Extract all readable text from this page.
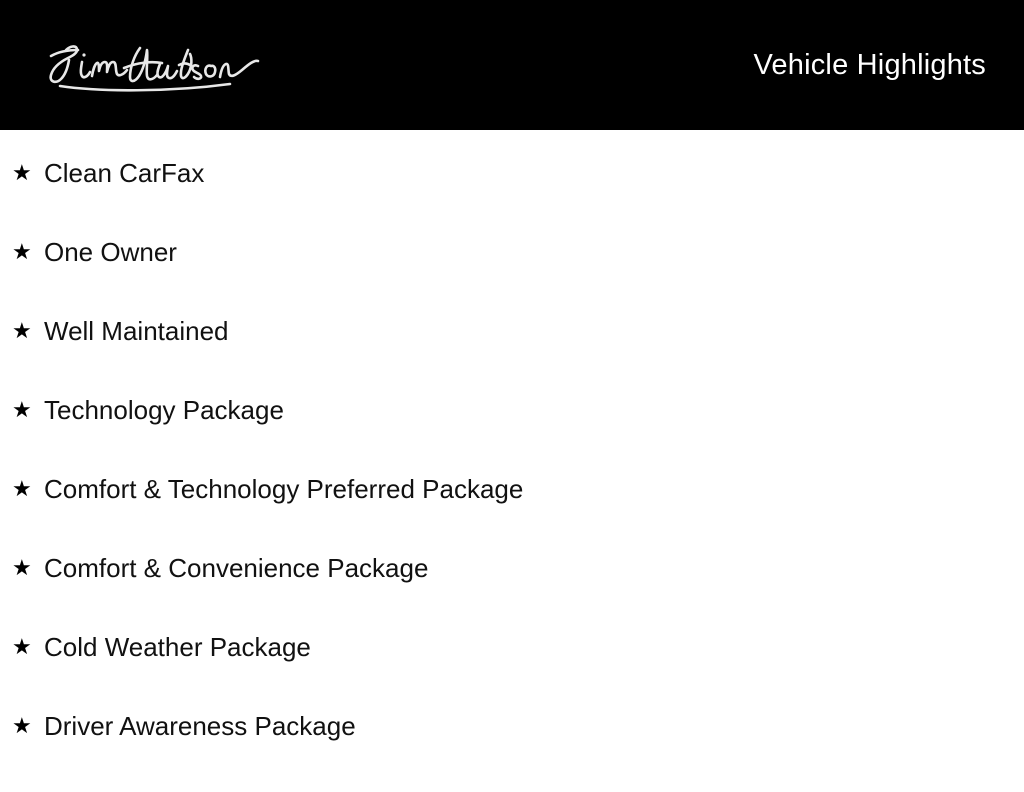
Vehicle Highlights
★ Clean CarFax
★ One Owner
★ Well Maintained
★ Technology Package
★ Comfort & Technology Preferred Package
★ Comfort & Convenience Package
★ Cold Weather Package
★ Driver Awareness Package
